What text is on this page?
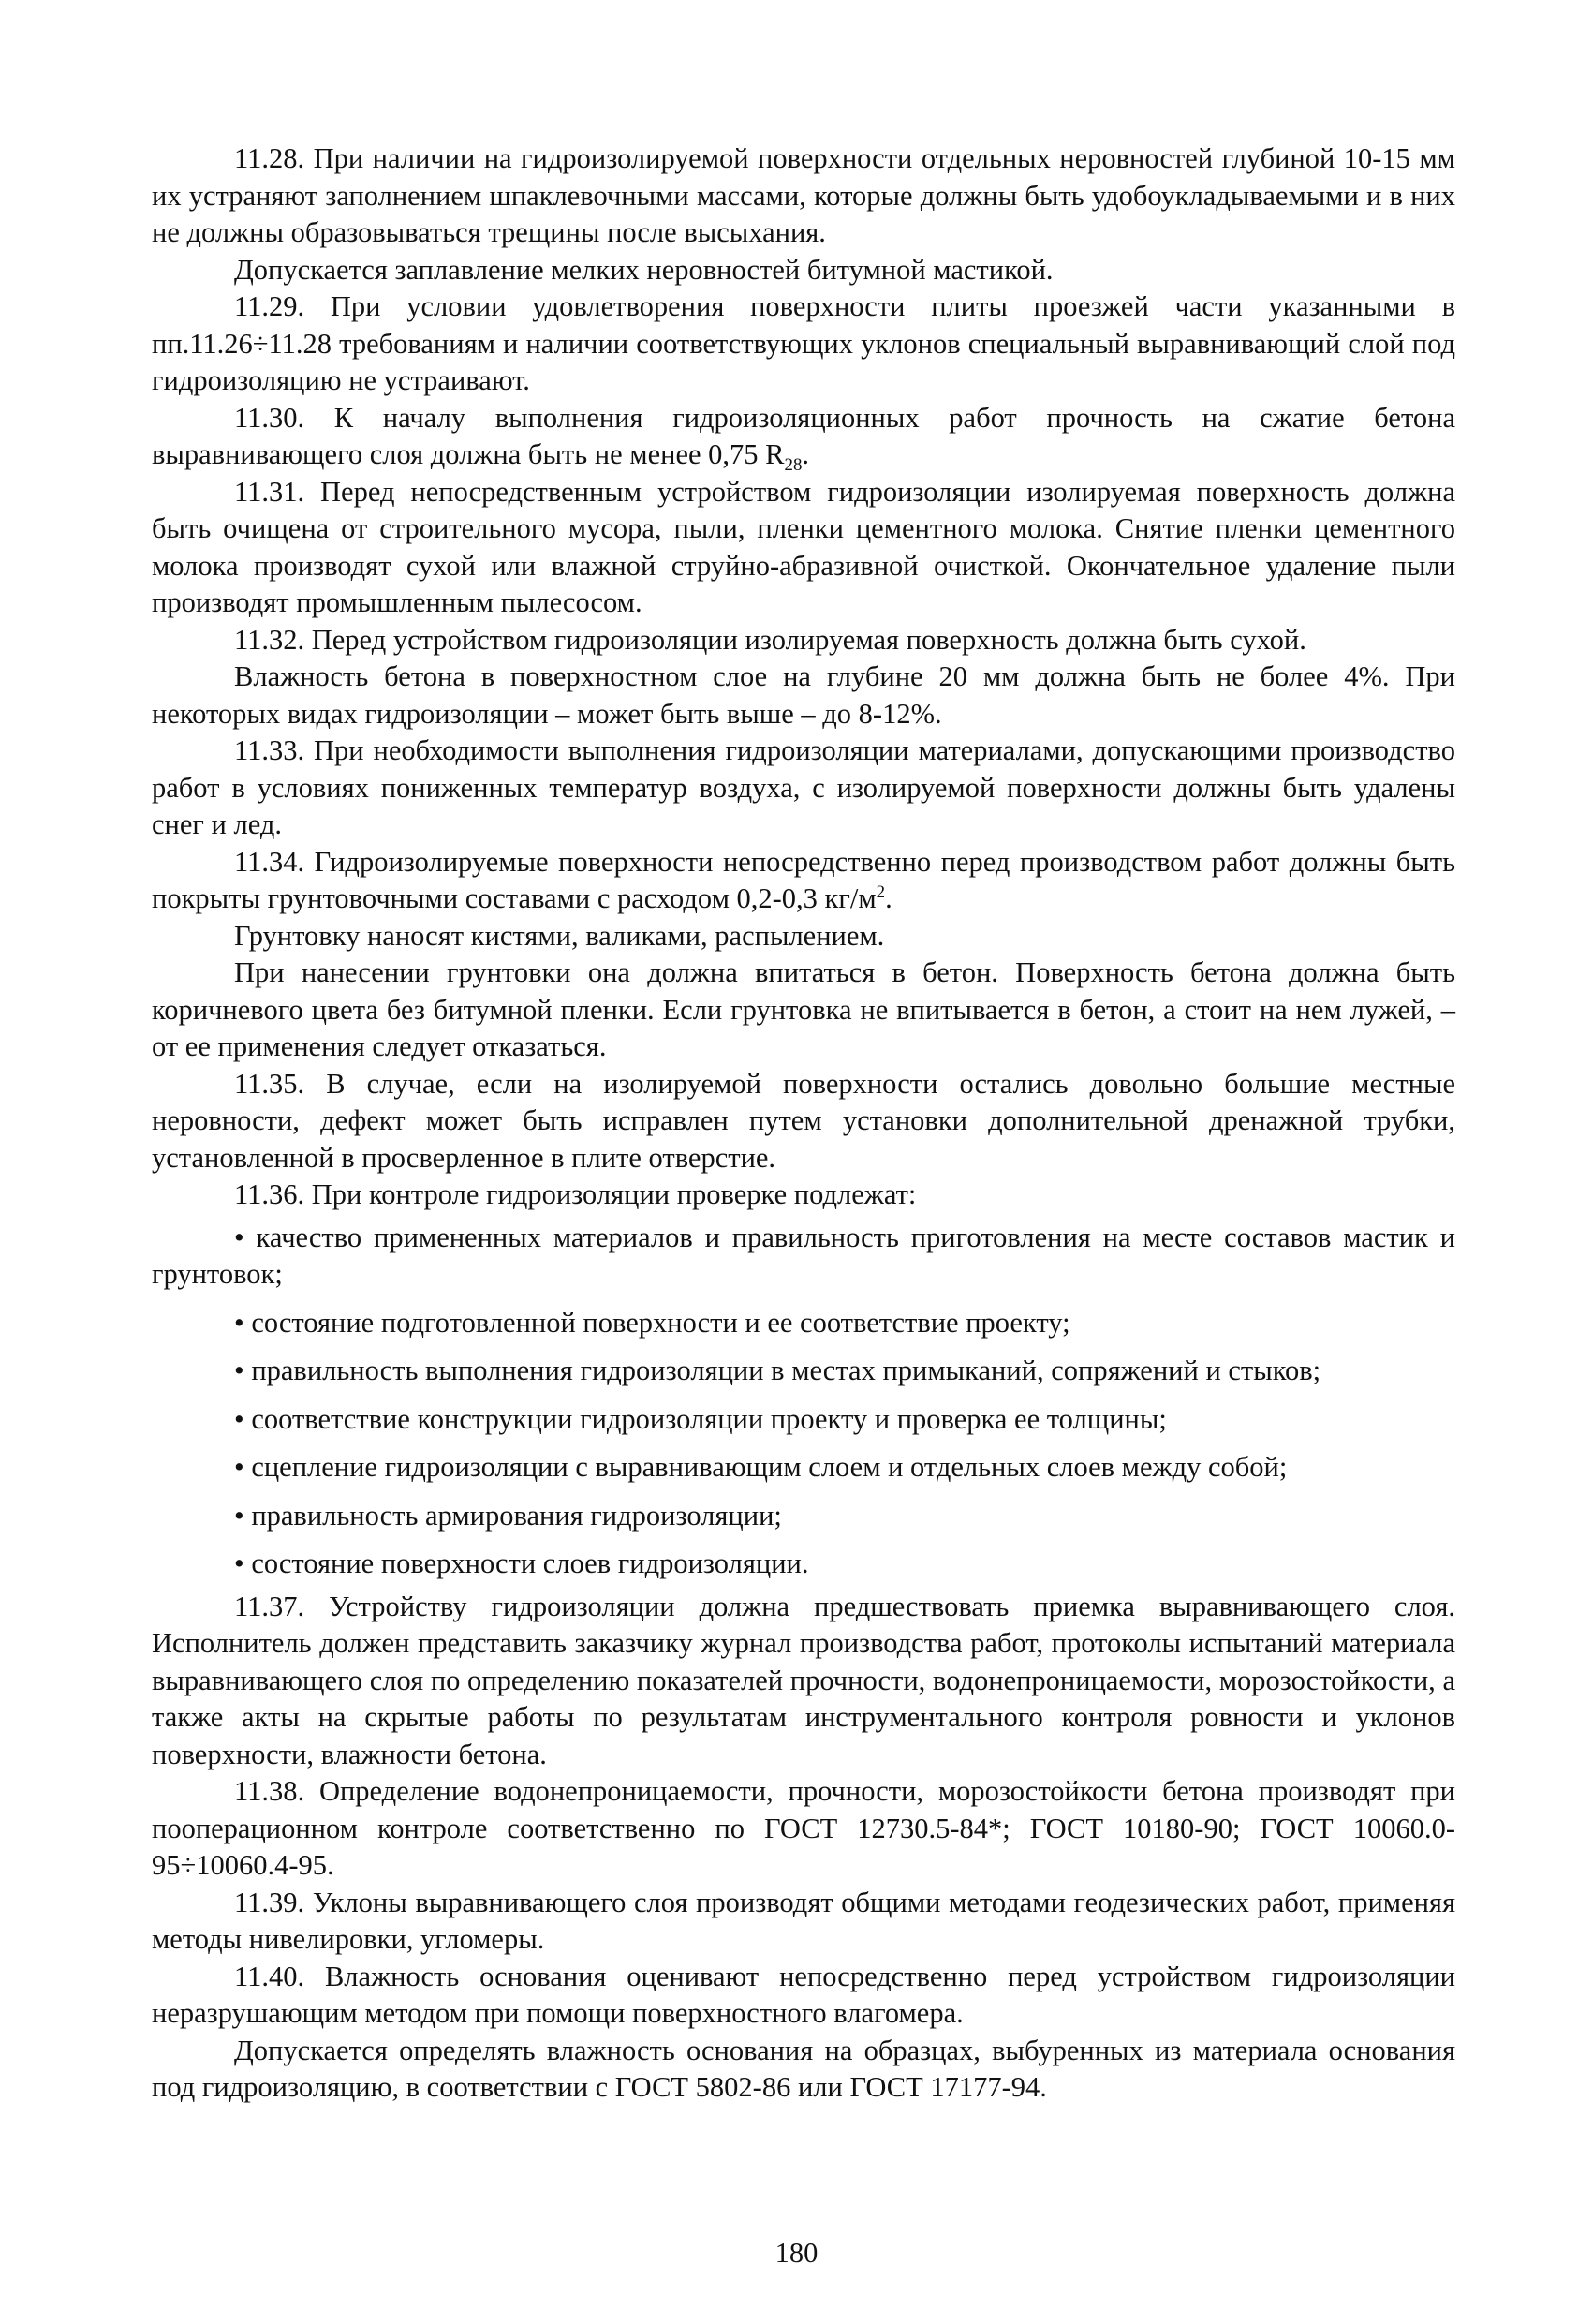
11.28. При наличии на гидроизолируемой поверхности отдельных неровностей глубиной 10-15 мм их устраняют заполнением шпаклевочными массами, которые должны быть удобоукладываемыми и в них не должны образовываться трещины после высыхания.

Допускается заплавление мелких неровностей битумной мастикой.

11.29. При условии удовлетворения поверхности плиты проезжей части указанными в пп.11.26÷11.28 требованиям и наличии соответствующих уклонов специальный выравнивающий слой под гидроизоляцию не устраивают.

11.30. К началу выполнения гидроизоляционных работ прочность на сжатие бетона выравнивающего слоя должна быть не менее 0,75 $R_{28}$.

11.31. Перед непосредственным устройством гидроизоляции изолируемая поверхность должна быть очищена от строительного мусора, пыли, пленки цементного молока. Снятие пленки цементного молока производят сухой или влажной струйно-абразивной очисткой. Окончательное удаление пыли производят промышленным пылесосом.

11.32. Перед устройством гидроизоляции изолируемая поверхность должна быть сухой.

Влажность бетона в поверхностном слое на глубине 20 мм должна быть не более 4%. При некоторых видах гидроизоляции – может быть выше – до 8-12%.

11.33. При необходимости выполнения гидроизоляции материалами, допускающими производство работ в условиях пониженных температур воздуха, с изолируемой поверхности должны быть удалены снег и лед.

11.34. Гидроизолируемые поверхности непосредственно перед производством работ должны быть покрыты грунтовочными составами с расходом 0,2-0,3 $кг/м^2$.

Грунтовку наносят кистями, валиками, распылением.

При нанесении грунтовки она должна впитаться в бетон. Поверхность бетона должна быть коричневого цвета без битумной пленки. Если грунтовка не впитывается в бетон, а стоит на нем лужей, – от ее применения следует отказаться.

11.35. В случае, если на изолируемой поверхности остались довольно большие местные неровности, дефект может быть исправлен путем установки дополнительной дренажной трубки, установленной в просверленное в плите отверстие.

11.36. При контроле гидроизоляции проверке подлежат:

• качество примененных материалов и правильность приготовления на месте составов мастик и грунтовок;

• состояние подготовленной поверхности и ее соответствие проекту;

• правильность выполнения гидроизоляции в местах примыканий, сопряжений и стыков;

• соответствие конструкции гидроизоляции проекту и проверка ее толщины;

• сцепление гидроизоляции с выравнивающим слоем и отдельных слоев между собой;

• правильность армирования гидроизоляции;

• состояние поверхности слоев гидроизоляции.

11.37. Устройству гидроизоляции должна предшествовать приемка выравнивающего слоя. Исполнитель должен представить заказчику журнал производства работ, протоколы испытаний материала выравнивающего слоя по определению показателей прочности, водонепроницаемости, морозостойкости, а также акты на скрытые работы по результатам инструментального контроля ровности и уклонов поверхности, влажности бетона.

11.38. Определение водонепроницаемости, прочности, морозостойкости бетона производят при пооперационном контроле соответственно по ГОСТ 12730.5-84*; ГОСТ 10180-90; ГОСТ 10060.0-95÷10060.4-95.

11.39. Уклоны выравнивающего слоя производят общими методами геодезических работ, применяя методы нивелировки, угломеры.

11.40. Влажность основания оценивают непосредственно перед устройством гидроизоляции неразрушающим методом при помощи поверхностного влагомера.

Допускается определять влажность основания на образцах, выбуренных из материала основания под гидроизоляцию, в соответствии с ГОСТ 5802-86 или ГОСТ 17177-94.

180
